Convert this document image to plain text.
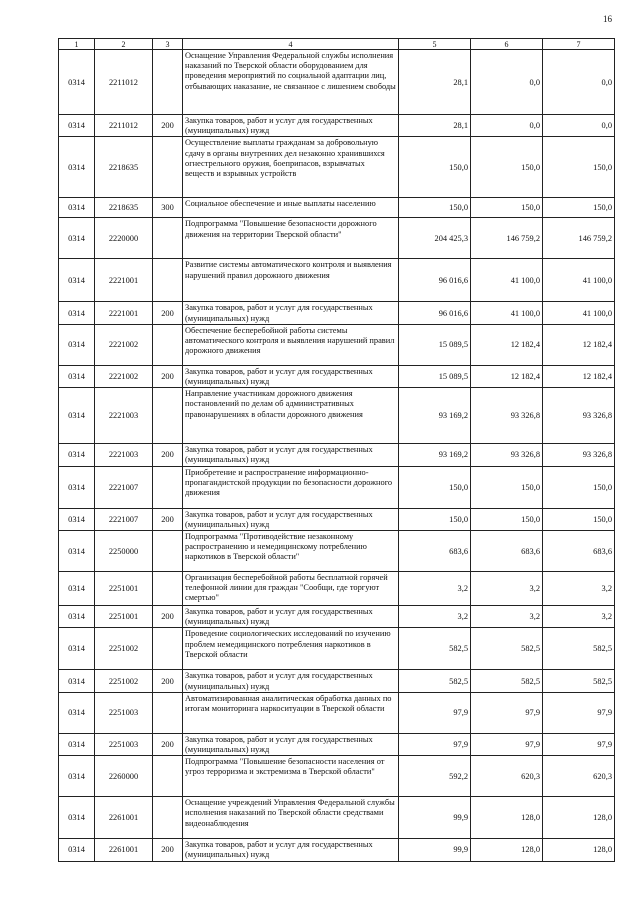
16
1	2	3	4	5	6	7
0314	2211012		Оснащение Управления Федеральной службы исполнения наказаний по Тверской области оборудованием для проведения мероприятий по социальной адаптации лиц, отбывающих наказание, не связанное с лишением свободы	28,1	0,0	0,0
0314	2211012	200	Закупка товаров, работ и услуг для государственных (муниципальных) нужд	28,1	0,0	0,0
0314	2218635		Осуществление выплаты гражданам за добровольную сдачу в органы внутренних дел незаконно хранившихся огнестрельного оружия, боеприпасов, взрывчатых веществ и взрывных устройств	150,0	150,0	150,0
0314	2218635	300	Социальное обеспечение и иные выплаты населению	150,0	150,0	150,0
0314	2220000		Подпрограмма "Повышение безопасности дорожного движения на территории Тверской области"	204 425,3	146 759,2	146 759,2
0314	2221001		Развитие системы автоматического контроля и выявления нарушений правил дорожного движения	96 016,6	41 100,0	41 100,0
0314	2221001	200	Закупка товаров, работ и услуг для государственных (муниципальных) нужд	96 016,6	41 100,0	41 100,0
0314	2221002		Обеспечение бесперебойной работы системы автоматического контроля и выявления нарушений правил дорожного движения	15 089,5	12 182,4	12 182,4
0314	2221002	200	Закупка товаров, работ и услуг для государственных (муниципальных) нужд	15 089,5	12 182,4	12 182,4
0314	2221003		Направление участникам дорожного движения постановлений по делам об административных правонарушениях в области дорожного движения	93 169,2	93 326,8	93 326,8
0314	2221003	200	Закупка товаров, работ и услуг для государственных (муниципальных) нужд	93 169,2	93 326,8	93 326,8
0314	2221007		Приобретение и распространение информационно-пропагандистской продукции по безопасности дорожного движения	150,0	150,0	150,0
0314	2221007	200	Закупка товаров, работ и услуг для государственных (муниципальных) нужд	150,0	150,0	150,0
0314	2250000		Подпрограмма "Противодействие незаконному распространению и немедицинскому потреблению наркотиков в Тверской области"	683,6	683,6	683,6
0314	2251001		Организация бесперебойной работы бесплатной горячей телефонной линии для граждан "Сообщи, где торгуют смертью"	3,2	3,2	3,2
0314	2251001	200	Закупка товаров, работ и услуг для государственных (муниципальных) нужд	3,2	3,2	3,2
0314	2251002		Проведение социологических исследований по изучению проблем немедицинского потребления наркотиков в Тверской области	582,5	582,5	582,5
0314	2251002	200	Закупка товаров, работ и услуг для государственных (муниципальных) нужд	582,5	582,5	582,5
0314	2251003		Автоматизированная аналитическая обработка данных по итогам мониторинга наркоситуации в Тверской области	97,9	97,9	97,9
0314	2251003	200	Закупка товаров, работ и услуг для государственных (муниципальных) нужд	97,9	97,9	97,9
0314	2260000		Подпрограмма "Повышение безопасности населения от угроз терроризма и экстремизма в Тверской области"	592,2	620,3	620,3
0314	2261001		Оснащение учреждений Управления Федеральной службы исполнения наказаний по Тверской области средствами видеонаблюдения	99,9	128,0	128,0
0314	2261001	200	Закупка товаров, работ и услуг для государственных (муниципальных) нужд	99,9	128,0	128,0
